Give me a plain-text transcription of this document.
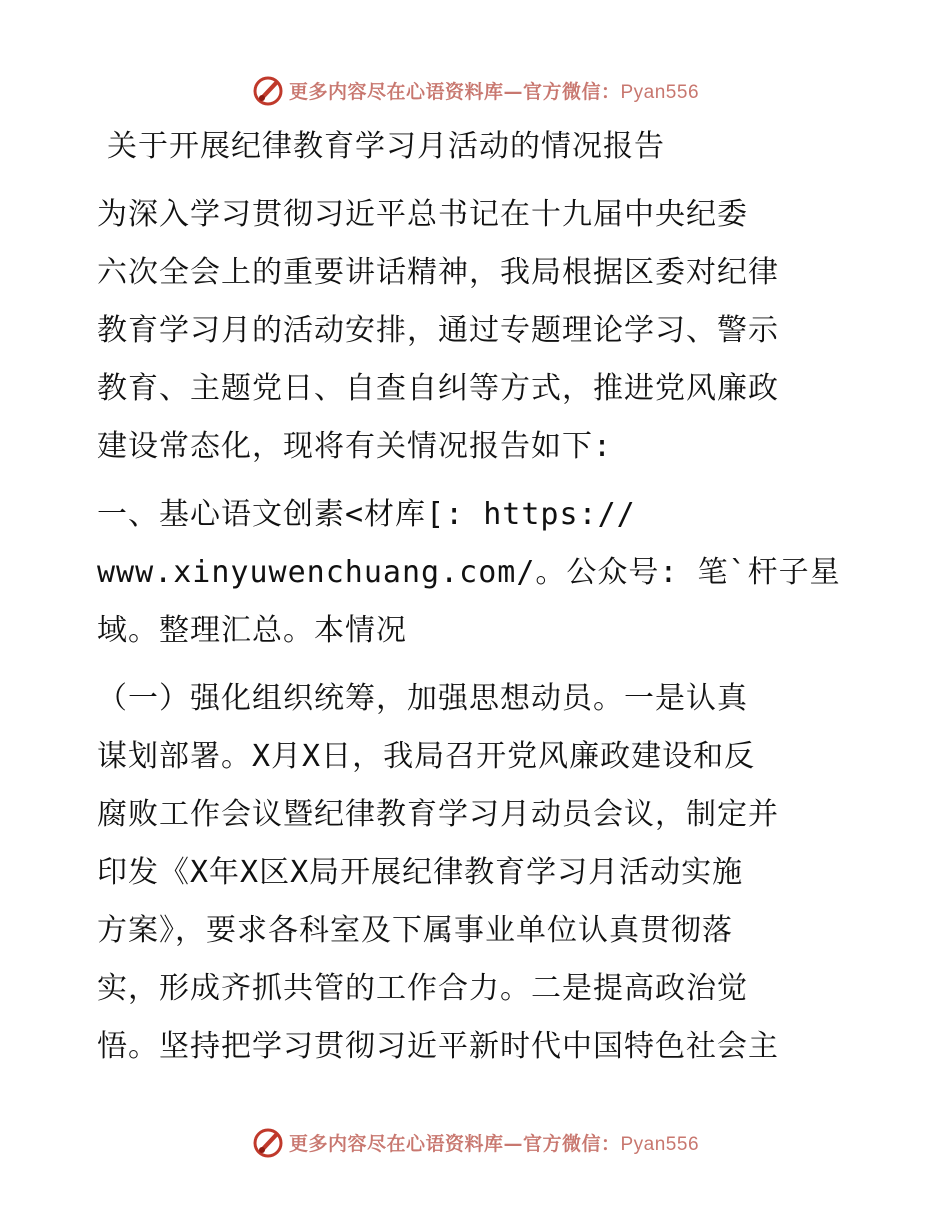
更多内容尽在心语资料库—官方微信：Pyan556
关于开展纪律教育学习月活动的情况报告
为深入学习贯彻习近平总书记在十九届中央纪委
六次全会上的重要讲话精神，我局根据区委对纪律
教育学习月的活动安排，通过专题理论学习、警示
教育、主题党日、自查自纠等方式，推进党风廉政
建设常态化，现将有关情况报告如下:
一、基心语文创素<材库[: https://
www.xinyuwenchuang.com/。公众号: 笔`杆子星
域。整理汇总。本情况
（一）强化组织统筹，加强思想动员。一是认真
谋划部署。X月X日，我局召开党风廉政建设和反
腐败工作会议暨纪律教育学习月动员会议，制定并
印发《X年X区X局开展纪律教育学习月活动实施
方案》，要求各科室及下属事业单位认真贯彻落
实，形成齐抓共管的工作合力。二是提高政治觉
悟。坚持把学习贯彻习近平新时代中国特色社会主
更多内容尽在心语资料库—官方微信：Pyan556
